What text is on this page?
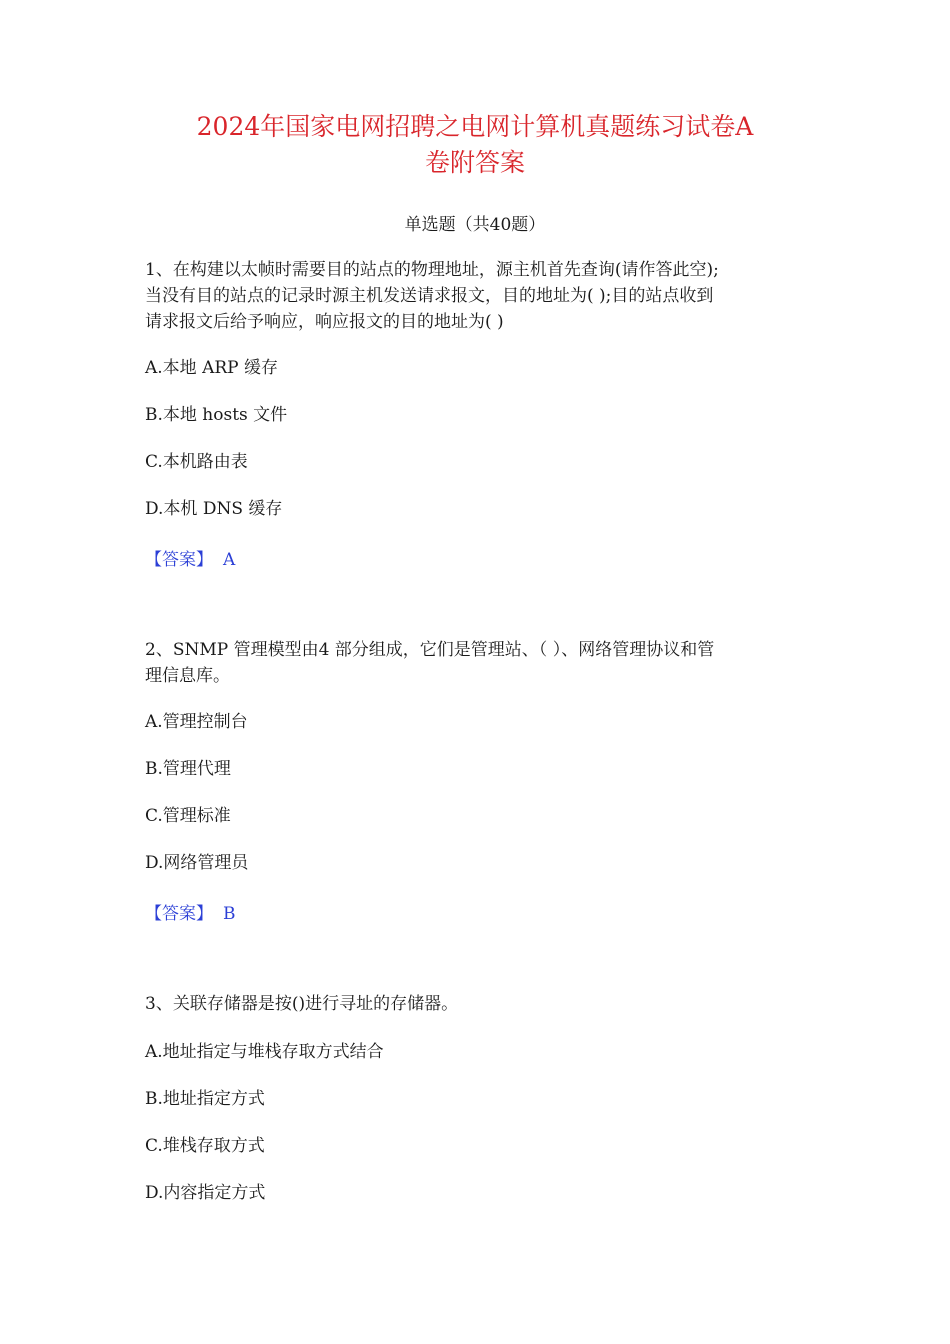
2024年国家电网招聘之电网计算机真题练习试卷A
卷附答案
单选题（共40题）
1、在构建以太帧时需要目的站点的物理地址，源主机首先查询(请作答此空);
当没有目的站点的记录时源主机发送请求报文，目的地址为( );目的站点收到
请求报文后给予响应，响应报文的目的地址为( )
A.本地 ARP 缓存
B.本地 hosts 文件
C.本机路由表
D.本机 DNS 缓存
【答案】 A
2、SNMP 管理模型由4 部分组成，它们是管理站、（ ）、网络管理协议和管
理信息库。
A.管理控制台
B.管理代理
C.管理标准
D.网络管理员
【答案】 B
3、关联存储器是按()进行寻址的存储器。
A.地址指定与堆栈存取方式结合
B.地址指定方式
C.堆栈存取方式
D.内容指定方式
